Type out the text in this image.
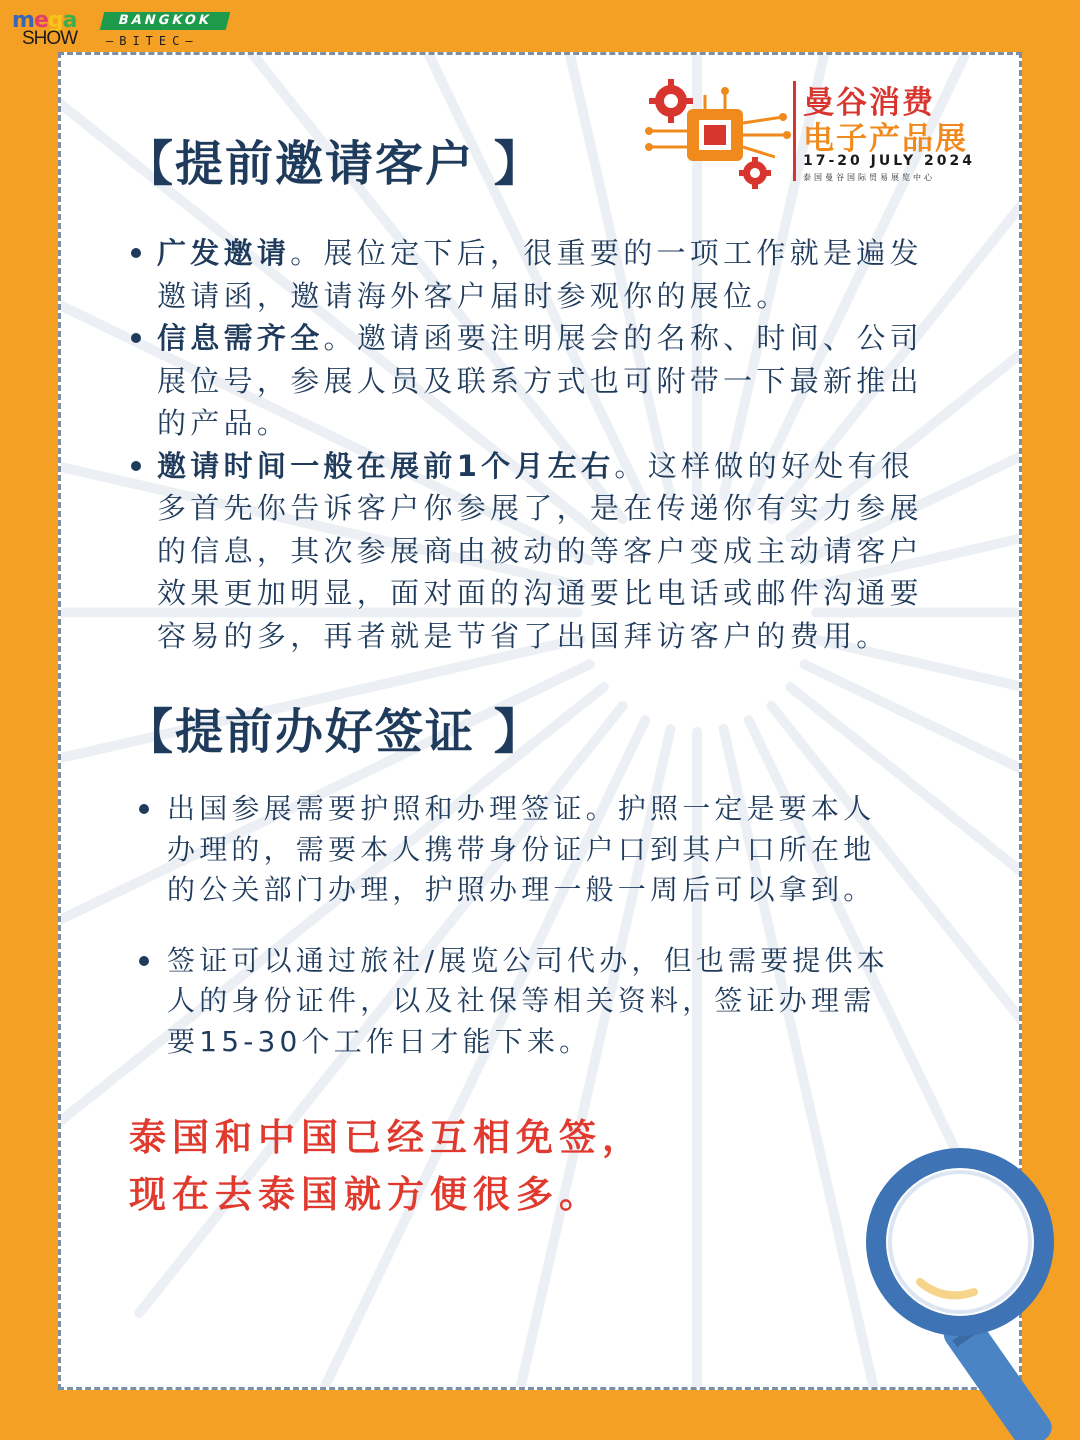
mega
SHOW
BANGKOK
—BITEC—
曼谷消费
电子产品展
17-20 JULY 2024
泰国曼谷国际贸易展览中心
【提前邀请客户 】
广发邀请。展位定下后，很重要的一项工作就是遍发
邀请函，邀请海外客户届时参观你的展位。
信息需齐全。邀请函要注明展会的名称、时间、公司
展位号，参展人员及联系方式也可附带一下最新推出
的产品。
邀请时间一般在展前1个月左右。这样做的好处有很
多首先你告诉客户你参展了，是在传递你有实力参展
的信息，其次参展商由被动的等客户变成主动请客户
效果更加明显，面对面的沟通要比电话或邮件沟通要
容易的多，再者就是节省了出国拜访客户的费用。
【提前办好签证 】
出国参展需要护照和办理签证。护照一定是要本人
办理的，需要本人携带身份证户口到其户口所在地
的公关部门办理，护照办理一般一周后可以拿到。
签证可以通过旅社/展览公司代办，但也需要提供本
人的身份证件，以及社保等相关资料，签证办理需
要15-30个工作日才能下来。
泰国和中国已经互相免签，
现在去泰国就方便很多。
